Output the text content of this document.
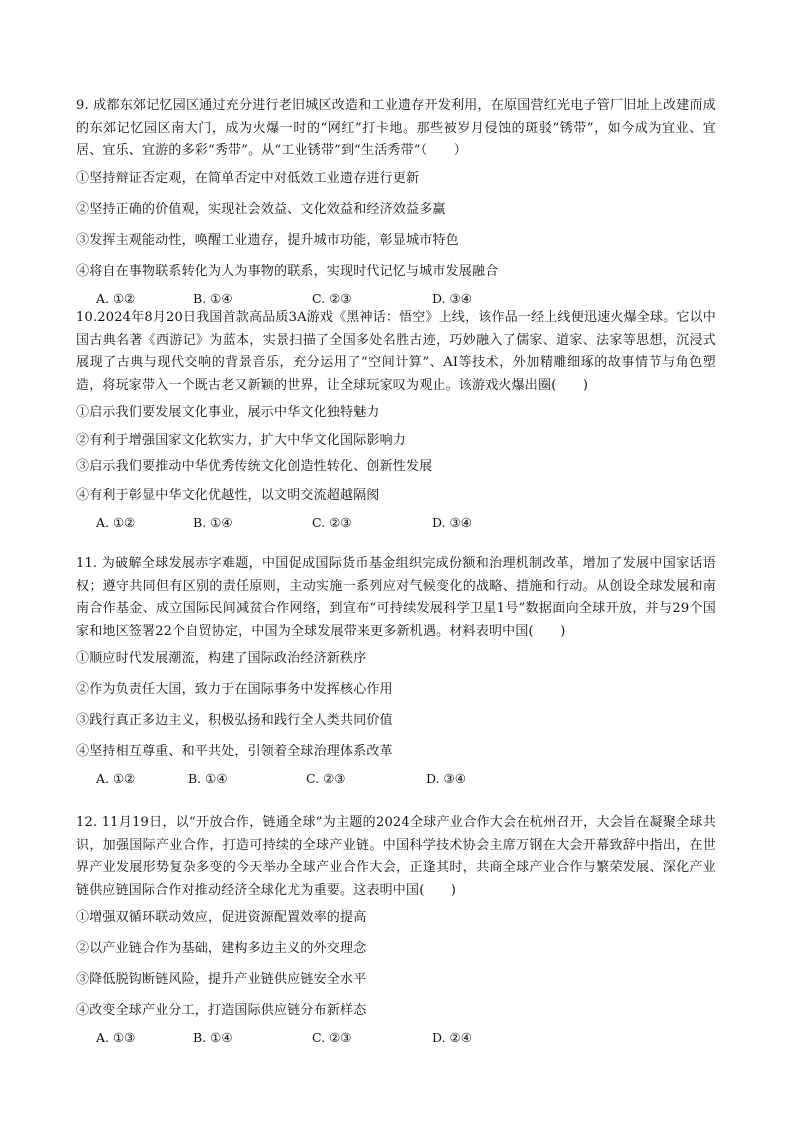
9. 成都东郊记忆园区通过充分进行老旧城区改造和工业遗存开发利用，在原国营红光电子管厂旧址上改建而成的东郊记忆园区南大门，成为火爆一时的“网红”打卡地。那些被岁月侵蚀的斑驳“锈带”，如今成为宜业、宜居、宜乐、宜游的多彩“秀带”。从“工业锈带”到“生活秀带”（　　）

①坚持辩证否定观，在简单否定中对低效工业遗存进行更新

②坚持正确的价值观，实现社会效益、文化效益和经济效益多赢

③发挥主观能动性，唤醒工业遗存，提升城市功能，彰显城市特色

④将自在事物联系转化为人为事物的联系，实现时代记忆与城市发展融合

A. ①②	B. ①④	C. ②③	D. ③④

10.2024年8月20日我国首款高品质3A游戏《黑神话：悟空》上线，该作品一经上线便迅速火爆全球。它以中国古典名著《西游记》为蓝本，实景扫描了全国多处名胜古迹，巧妙融入了儒家、道家、法家等思想，沉浸式展现了古典与现代交响的背景音乐，充分运用了“空间计算”、AI等技术，外加精雕细琢的故事情节与角色塑造，将玩家带入一个既古老又新颖的世界，让全球玩家叹为观止。该游戏火爆出圈(　　)

①启示我们要发展文化事业，展示中华文化独特魅力

②有利于增强国家文化软实力，扩大中华文化国际影响力

③启示我们要推动中华优秀传统文化创造性转化、创新性发展

④有利于彰显中华文化优越性，以文明交流超越隔阂

A. ①②	B. ①④	C. ②③	D. ③④

11. 为破解全球发展赤字难题，中国促成国际货币基金组织完成份额和治理机制改革，增加了发展中国家话语权；遵守共同但有区别的责任原则，主动实施一系列应对气候变化的战略、措施和行动。从创设全球发展和南南合作基金、成立国际民间减贫合作网络，到宣布“可持续发展科学卫星1号”数据面向全球开放，并与29个国家和地区签署22个自贸协定，中国为全球发展带来更多新机遇。材料表明中国(　　)

①顺应时代发展潮流，构建了国际政治经济新秩序

②作为负责任大国，致力于在国际事务中发挥核心作用

③践行真正多边主义，积极弘扬和践行全人类共同价值

④坚持相互尊重、和平共处，引领着全球治理体系改革

A. ①②	B. ①④	C. ②③	D. ③④

12. 11月19日，以“开放合作，链通全球”为主题的2024全球产业合作大会在杭州召开，大会旨在凝聚全球共识，加强国际产业合作，打造可持续的全球产业链。中国科学技术协会主席万钢在大会开幕致辞中指出，在世界产业发展形势复杂多变的今天举办全球产业合作大会，正逢其时，共商全球产业合作与繁荣发展、深化产业链供应链国际合作对推动经济全球化尤为重要。这表明中国(　　)

①增强双循环联动效应，促进资源配置效率的提高

②以产业链合作为基础，建构多边主义的外交理念

③降低脱钩断链风险，提升产业链供应链安全水平

④改变全球产业分工，打造国际供应链分布新样态

A. ①③	B. ①④	C. ②③	D. ②④
